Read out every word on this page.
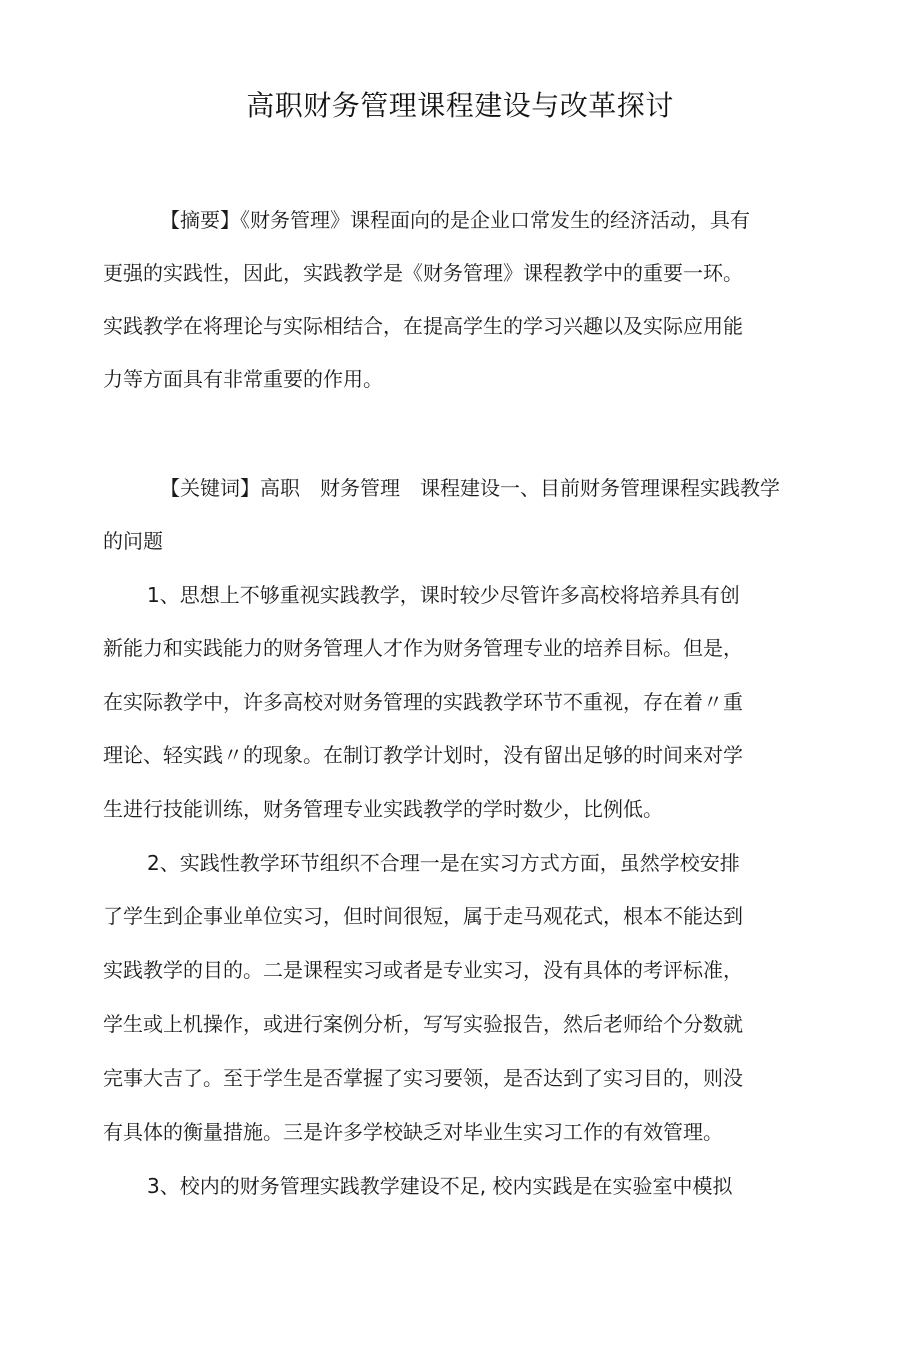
高职财务管理课程建设与改革探讨
【摘要】《财务管理》课程面向的是企业口常发生的经济活动，具有
更强的实践性，因此，实践教学是《财务管理》课程教学中的重要一环。
实践教学在将理论与实际相结合，在提高学生的学习兴趣以及实际应用能
力等方面具有非常重要的作用。
【关键词】高职　财务管理　课程建设一、目前财务管理课程实践教学
的问题
1、思想上不够重视实践教学，课时较少尽管许多高校将培养具有创
新能力和实践能力的财务管理人才作为财务管理专业的培养目标。但是，
在实际教学中，许多高校对财务管理的实践教学环节不重视，存在着〃重
理论、轻实践〃的现象。在制订教学计划时，没有留出足够的时间来对学
生进行技能训练，财务管理专业实践教学的学时数少，比例低。
2、实践性教学环节组织不合理一是在实习方式方面，虽然学校安排
了学生到企事业单位实习，但时间很短，属于走马观花式，根本不能达到
实践教学的目的。二是课程实习或者是专业实习，没有具体的考评标准，
学生或上机操作，或进行案例分析，写写实验报告，然后老师给个分数就
完事大吉了。至于学生是否掌握了实习要领，是否达到了实习目的，则没
有具体的衡量措施。三是许多学校缺乏对毕业生实习工作的有效管理。
3、校内的财务管理实践教学建设不足, 校内实践是在实验室中模拟
